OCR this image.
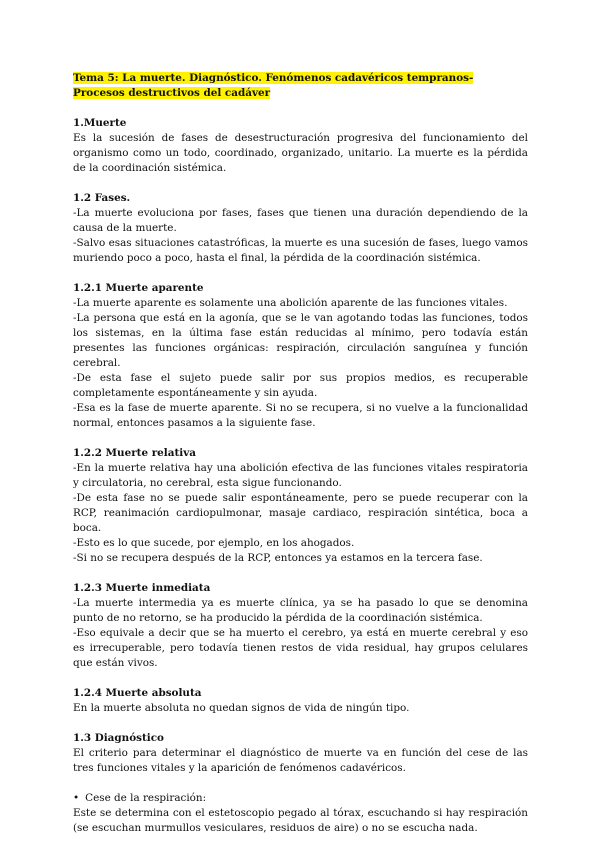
Tema 5: La muerte. Diagnóstico. Fenómenos cadavéricos tempranos- Procesos destructivos del cadáver
1.Muerte

Es la sucesión de fases de desestructuración progresiva del funcionamiento del organismo como un todo, coordinado, organizado, unitario. La muerte es la pérdida de la coordinación sistémica.

1.2 Fases.

-La muerte evoluciona por fases, fases que tienen una duración dependiendo de la causa de la muerte.

-Salvo esas situaciones catastróficas, la muerte es una sucesión de fases, luego vamos muriendo poco a poco, hasta el final, la pérdida de la coordinación sistémica.

1.2.1 Muerte aparente

-La muerte aparente es solamente una abolición aparente de las funciones vitales.

-La persona que está en la agonía, que se le van agotando todas las funciones, todos los sistemas, en la última fase están reducidas al mínimo, pero todavía están presentes las funciones orgánicas: respiración, circulación sanguínea y función cerebral.

-De esta fase el sujeto puede salir por sus propios medios, es recuperable completamente espontáneamente y sin ayuda.

-Esa es la fase de muerte aparente. Si no se recupera, si no vuelve a la funcionalidad normal, entonces pasamos a la siguiente fase.

1.2.2 Muerte relativa

-En la muerte relativa hay una abolición efectiva de las funciones vitales respiratoria y circulatoria, no cerebral, esta sigue funcionando.

-De esta fase no se puede salir espontáneamente, pero se puede recuperar con la RCP, reanimación cardiopulmonar, masaje cardiaco, respiración sintética, boca a boca.

-Esto es lo que sucede, por ejemplo, en los ahogados.

-Si no se recupera después de la RCP, entonces ya estamos en la tercera fase.

1.2.3 Muerte inmediata

-La muerte intermedia ya es muerte clínica, ya se ha pasado lo que se denomina punto de no retorno, se ha producido la pérdida de la coordinación sistémica.

-Eso equivale a decir que se ha muerto el cerebro, ya está en muerte cerebral y eso es irrecuperable, pero todavía tienen restos de vida residual, hay grupos celulares que están vivos.

1.2.4 Muerte absoluta

En la muerte absoluta no quedan signos de vida de ningún tipo.

1.3 Diagnóstico

El criterio para determinar el diagnóstico de muerte va en función del cese de las tres funciones vitales y la aparición de fenómenos cadavéricos.

• Cese de la respiración:

Este se determina con el estetoscopio pegado al tórax, escuchando si hay respiración (se escuchan murmullos vesiculares, residuos de aire) o no se escucha nada.
